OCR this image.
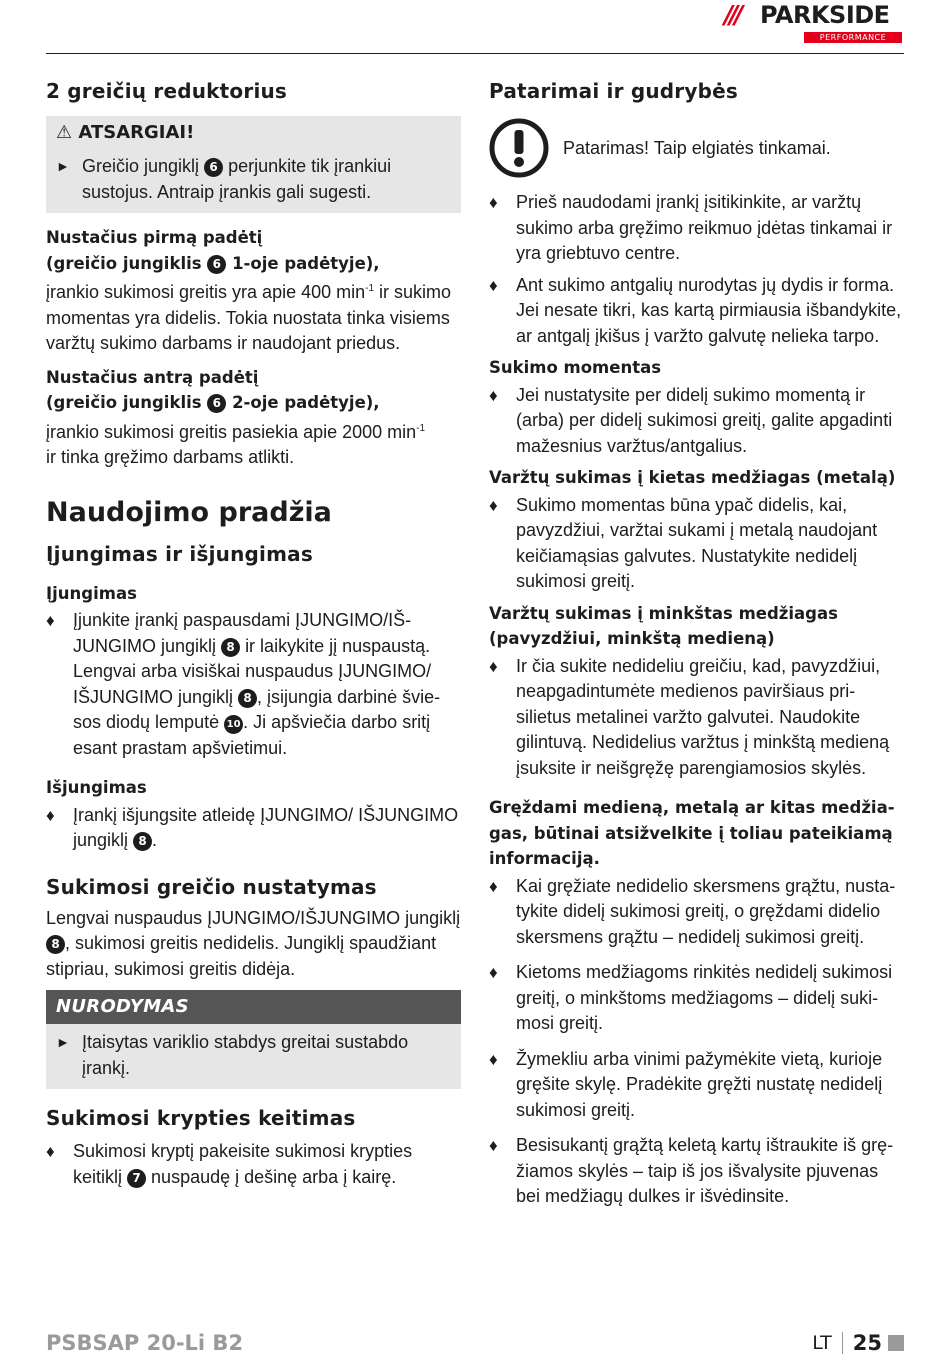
/// PARKSIDE
PERFORMANCE
2 greičių reduktorius
⚠ ATSARGIAI!
► Greičio jungiklį 6 perjunkite tik įrankiui sustojus. Antraip įrankis gali sugesti.

Nustačius pirmą padėtį

(greičio jungiklis 6 1-oje padėtyje),

įrankio sukimosi greitis yra apie 400 $\min^{-1}$ ir sukimo momentas yra didelis. Tokia nuostata tinka visiems varžtų sukimo darbams ir naudojant priedus.

Nustačius antrą padėtį

(greičio jungiklis 6 2-oje padėtyje),

įrankio sukimosi greitis pasiekia apie 2000 $\min^{-1}$
ir tinka gręžimo darbams atlikti.

Naudojimo pradžia
Įjungimas ir išjungimas

Įjungimas

♦ Įjunkite įrankį paspausdami ĮJUNGIMO/IŠ-JUNGIMO jungiklį 8 ir laikykite jį nuspaustą. Lengvai arba visiškai nuspaudus ĮJUNGIMO/ IŠJUNGIMO jungiklį 8 , įsijungia darbinė švie-sos diodų lemputė 10 . Ji apšviečia darbo sritį esant prastam apšvietimui.

Išjungimas

♦ Įrankį išjungsite atleidę ĮJUNGIMO/ IŠJUNGIMO jungiklį 8 .
Sukimosi greičio nustatymas

Lengvai nuspaudus ĮJUNGIMO/IŠJUNGIMO jungiklį 8 , sukimosi greitis nedidelis. Jungiklį spaudžiant stipriau, sukimosi greitis didėja.

NURODYMAS
► Įtaisytas variklio stabdys greitai sustabdo įrankį.
Sukimosi krypties keitimas
♦ Sukimosi kryptį pakeisite sukimosi krypties keitiklį 7 nuspaudę į dešinę arba į kairę.
Patarimai ir gudrybės
Patarimas! Taip elgiatės tinkamai.
♦ Prieš naudodami įrankį įsitikinkite, ar varžtų sukimo arba gręžimo reikmuo įdėtas tinkamai ir yra griebtuvo centre.
♦ Ant sukimo antgalių nurodytas jų dydis ir forma. Jei nesate tikri, kas kartą pirmiausia išbandykite, ar antgalį įkišus į varžto galvutę nelieka tarpo.

Sukimo momentas

♦ Jei nustatysite per didelį sukimo momentą ir (arba) per didelį sukimosi greitį, galite apgadinti mažesnius varžtus/antgalius.

Varžtų sukimas į kietas medžiagas (metalą)

♦ Sukimo momentas būna ypač didelis, kai, pavyzdžiui, varžtai sukami į metalą naudojant keičiamąsias galvutes. Nustatykite nedidelį sukimosi greitį.

Varžtų sukimas į minkštas medžiagas (pavyzdžiui, minkštą medieną)

♦ Ir čia sukite nedideliu greičiu, kad, pavyzdžiui, neapgadintumėte medienos paviršiaus pri-silietus metalinei varžto galvutei. Naudokite gilintuvą. Nedidelius varžtus į minkštą medieną įsuksite ir neišgręžę parengiamosios skylės.

Gręždami medieną, metalą ar kitas medžia-gas, būtinai atsižvelkite į toliau pateikiamą informaciją.

♦ Kai gręžiate nedidelio skersmens grąžtu, nusta-tykite didelį sukimosi greitį, o gręždami didelio skersmens grąžtu – nedidelį sukimosi greitį.
♦ Kietoms medžiagoms rinkitės nedidelį sukimosi greitį, o minkštoms medžiagoms – didelį suki-mosi greitį.
♦ Žymekliu arba vinimi pažymėkite vietą, kurioje gręšite skylę. Pradėkite gręžti nustatę nedidelį sukimosi greitį.
♦ Besisukantį grąžtą keletą kartų ištraukite iš grę-žiamos skylės – taip iš jos išvalysite pjuvenas bei medžiagų dulkes ir išvėdinsite.
PSBSAP 20-Li B2	LT 25
